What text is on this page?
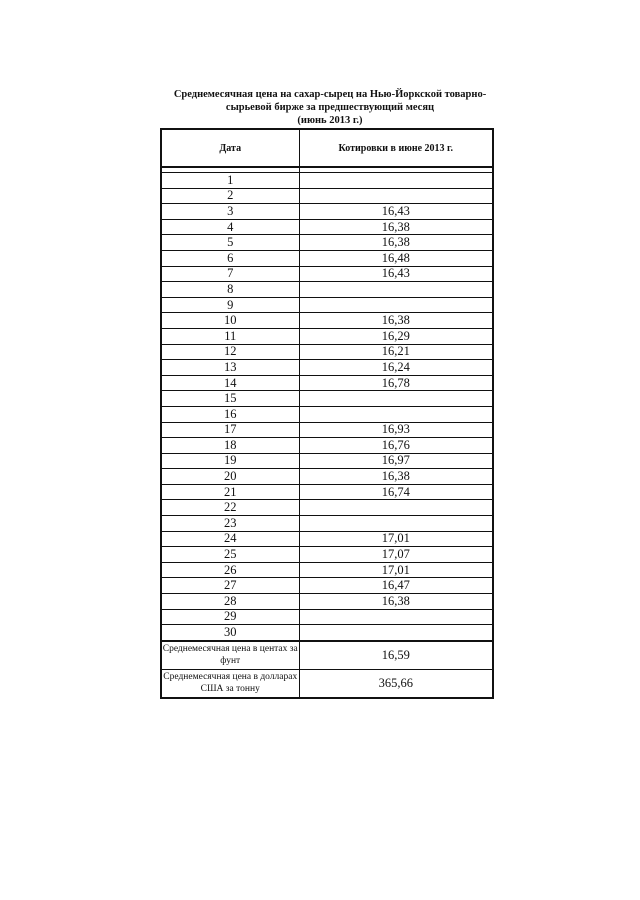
Среднемесячная цена на сахар-сырец на Нью-Йоркской товарно-
сырьевой бирже за предшествующий месяц
(июнь 2013 г.)
Дата	Котировки в июне 2013 г.

1	
2	
3	16,43
4	16,38
5	16,38
6	16,48
7	16,43
8	
9	
10	16,38
11	16,29
12	16,21
13	16,24
14	16,78
15	
16	
17	16,93
18	16,76
19	16,97
20	16,38
21	16,74
22	
23	
24	17,01
25	17,07
26	17,01
27	16,47
28	16,38
29	
30	
Среднемесячная цена в центах за фунт	16,59
Среднемесячная цена в долларах США за тонну	365,66
